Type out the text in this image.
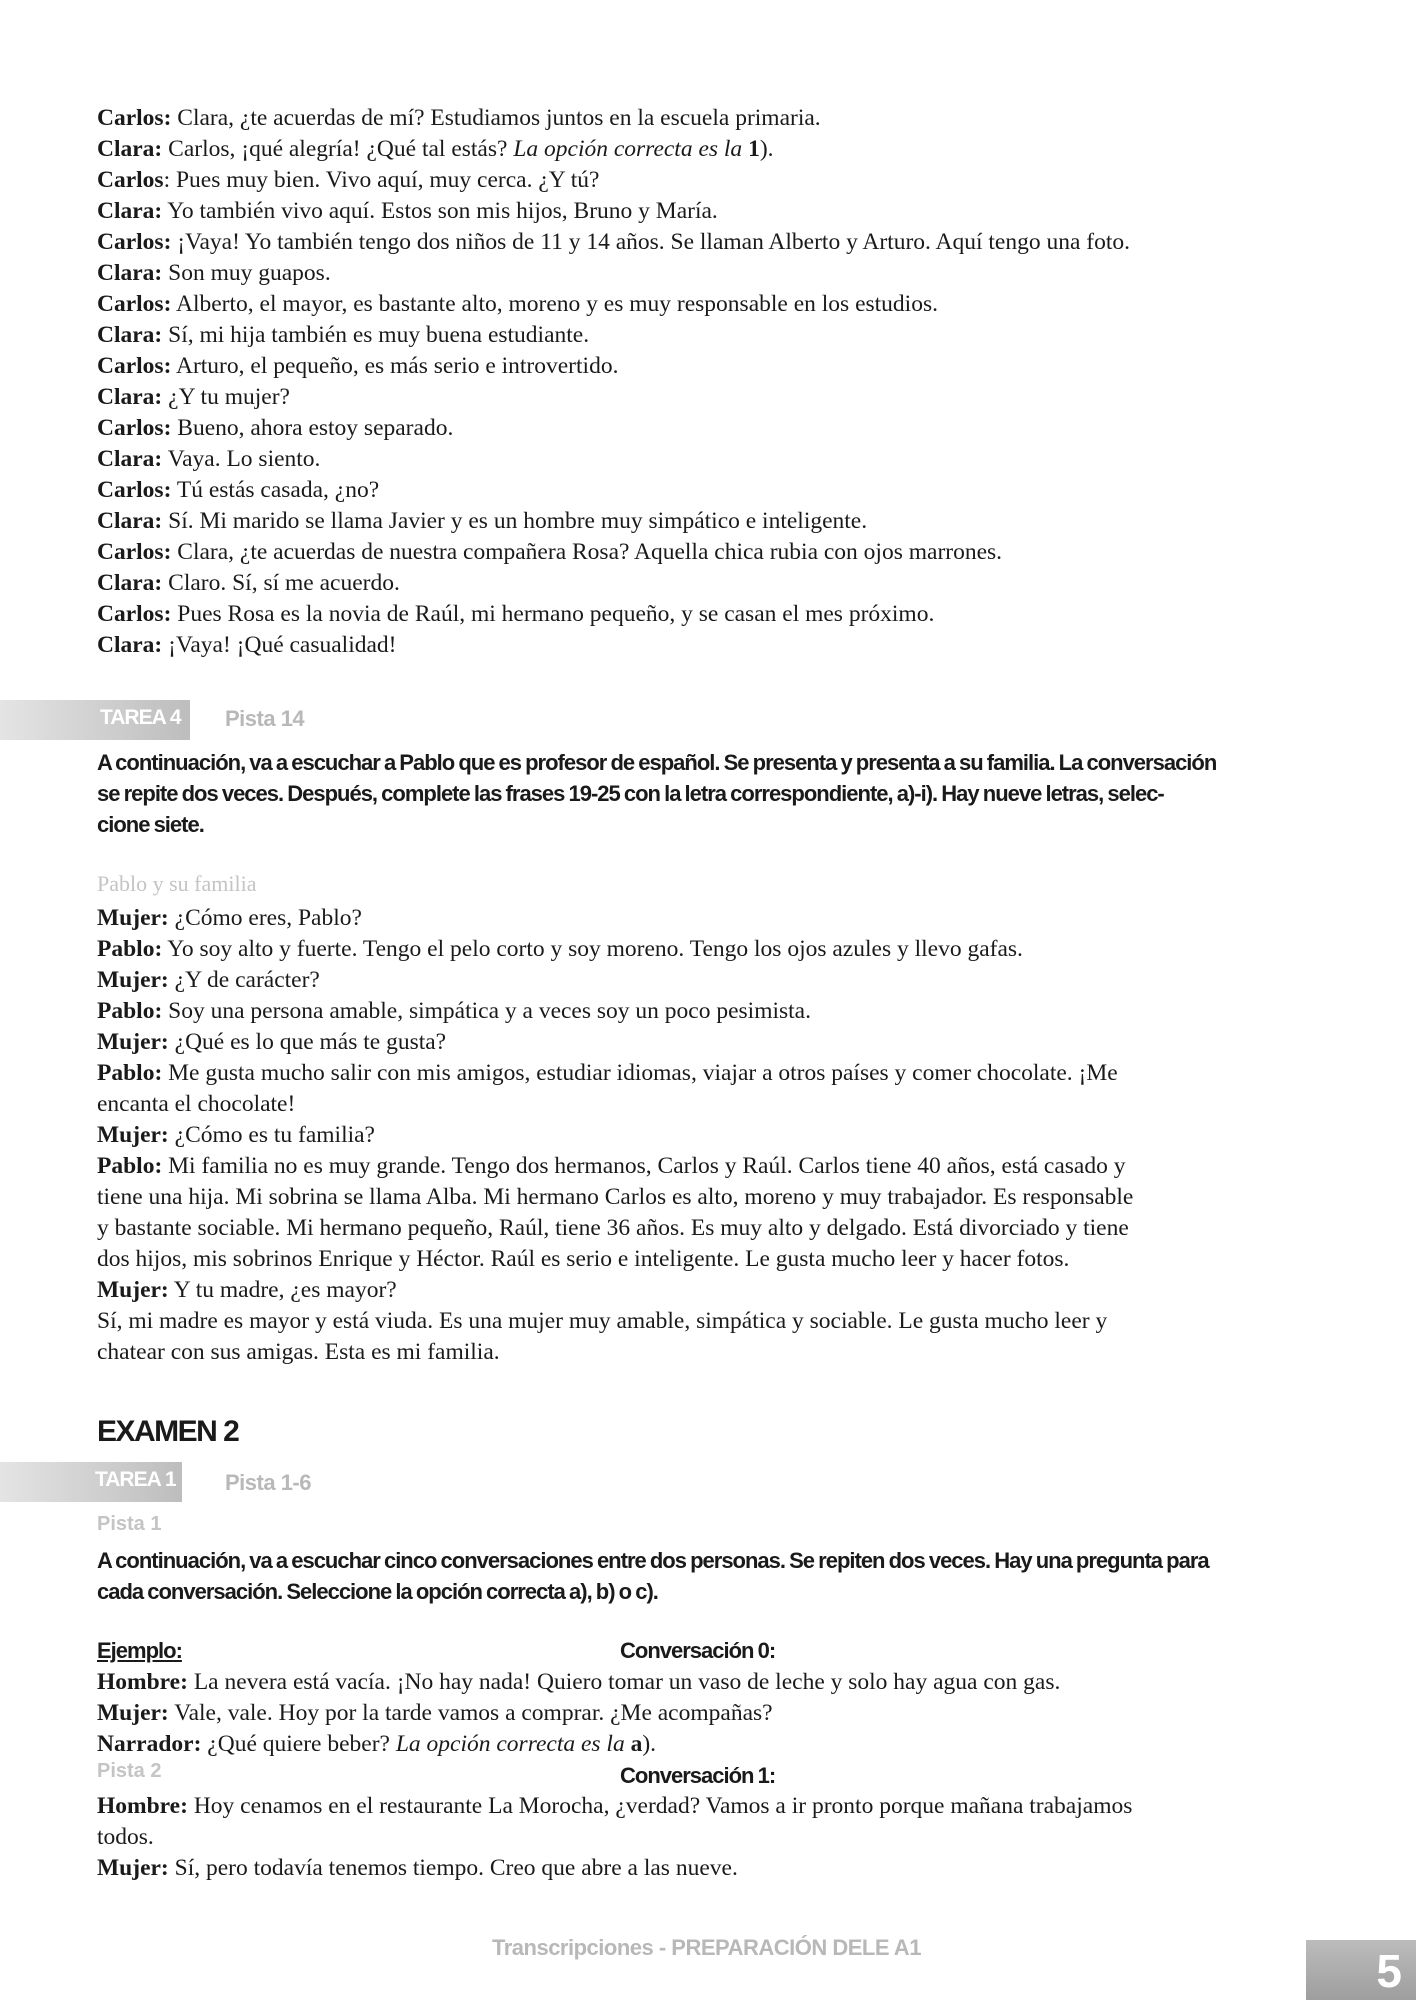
Carlos: Clara, ¿te acuerdas de mí? Estudiamos juntos en la escuela primaria.

Clara: Carlos, ¡qué alegría! ¿Qué tal estás? La opción correcta es la 1).

Carlos: Pues muy bien. Vivo aquí, muy cerca. ¿Y tú?

Clara: Yo también vivo aquí. Estos son mis hijos, Bruno y María.

Carlos: ¡Vaya! Yo también tengo dos niños de 11 y 14 años. Se llaman Alberto y Arturo. Aquí tengo una foto.

Clara: Son muy guapos.

Carlos: Alberto, el mayor, es bastante alto, moreno y es muy responsable en los estudios.

Clara: Sí, mi hija también es muy buena estudiante.

Carlos: Arturo, el pequeño, es más serio e introvertido.

Clara: ¿Y tu mujer?

Carlos: Bueno, ahora estoy separado.

Clara: Vaya. Lo siento.

Carlos: Tú estás casada, ¿no?

Clara: Sí. Mi marido se llama Javier y es un hombre muy simpático e inteligente.

Carlos: Clara, ¿te acuerdas de nuestra compañera Rosa? Aquella chica rubia con ojos marrones.

Clara: Claro. Sí, sí me acuerdo.

Carlos: Pues Rosa es la novia de Raúl, mi hermano pequeño, y se casan el mes próximo.

Clara: ¡Vaya! ¡Qué casualidad!

TAREA 4 Pista 14

A continuación, va a escuchar a Pablo que es profesor de español. Se presenta y presenta a su familia. La conversación

se repite dos veces. Después, complete las frases 19-25 con la letra correspondiente, a)-i). Hay nueve letras, selec-

cione siete.

Pablo y su familia

Mujer: ¿Cómo eres, Pablo?

Pablo: Yo soy alto y fuerte. Tengo el pelo corto y soy moreno. Tengo los ojos azules y llevo gafas.

Mujer: ¿Y de carácter?

Pablo: Soy una persona amable, simpática y a veces soy un poco pesimista.

Mujer: ¿Qué es lo que más te gusta?

Pablo: Me gusta mucho salir con mis amigos, estudiar idiomas, viajar a otros países y comer chocolate. ¡Me

encanta el chocolate!

Mujer: ¿Cómo es tu familia?

Pablo: Mi familia no es muy grande. Tengo dos hermanos, Carlos y Raúl. Carlos tiene 40 años, está casado y

tiene una hija. Mi sobrina se llama Alba. Mi hermano Carlos es alto, moreno y muy trabajador. Es responsable

y bastante sociable. Mi hermano pequeño, Raúl, tiene 36 años. Es muy alto y delgado. Está divorciado y tiene

dos hijos, mis sobrinos Enrique y Héctor. Raúl es serio e inteligente. Le gusta mucho leer y hacer fotos.

Mujer: Y tu madre, ¿es mayor?

Sí, mi madre es mayor y está viuda. Es una mujer muy amable, simpática y sociable. Le gusta mucho leer y

chatear con sus amigas. Esta es mi familia.

EXAMEN 2
TAREA 1 Pista 1-6
Pista 1

A continuación, va a escuchar cinco conversaciones entre dos personas. Se repiten dos veces. Hay una pregunta para

cada conversación. Seleccione la opción correcta a), b) o c).

Ejemplo:	Conversación 0:

Hombre: La nevera está vacía. ¡No hay nada! Quiero tomar un vaso de leche y solo hay agua con gas.

Mujer: Vale, vale. Hoy por la tarde vamos a comprar. ¿Me acompañas?

Narrador: ¿Qué quiere beber? La opción correcta es la a).

Pista 2	Conversación 1:

Hombre: Hoy cenamos en el restaurante La Morocha, ¿verdad? Vamos a ir pronto porque mañana trabajamos

todos.

Mujer: Sí, pero todavía tenemos tiempo. Creo que abre a las nueve.

Transcripciones - PREPARACIÓN DELE A1	5
